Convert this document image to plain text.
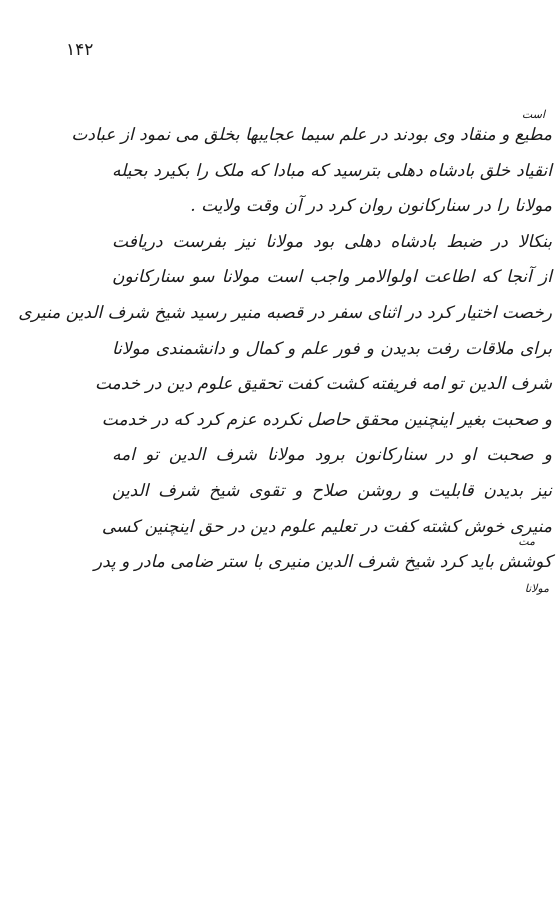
۱۴۲
است
مت
مولانا
مطیع و منقاد وی بودند در علم سیما عجایبها بخلق می نمود از عبادت
انقیاد خلق بادشاه دهلی بترسید که مبادا که ملک را بکیرد بحیله
مولانا را در سنارکانون روان کرد در آن وقت ولایت .
بنکالا در ضبط بادشاه دهلی بود مولانا نیز بفرست دریافت
از آنجا که اطاعت اولوالامر واجب است مولانا سو سنارکانون
رخصت اختیار کرد در اثنای سفر در قصبه منیر رسید شیخ شرف الدین منیری
برای ملاقات رفت بدیدن و فور علم و کمال و دانشمندی مولانا
شرف الدین تو امه فریفته کشت کفت تحقیق علوم دین در خدمت
و صحبت بغیر اینچنین محقق حاصل نکرده عزم کرد که در خدمت
و صحبت او در سنارکانون برود مولانا شرف الدین تو امه
نیز بدیدن قابلیت و روشن صلاح و تقوی شیخ شرف الدین
منیری خوش کشته کفت در تعلیم علوم دین در حق اینچنین کسی
کوشش باید کرد شیخ شرف الدین منیری با ستر ضامی مادر و پدر
